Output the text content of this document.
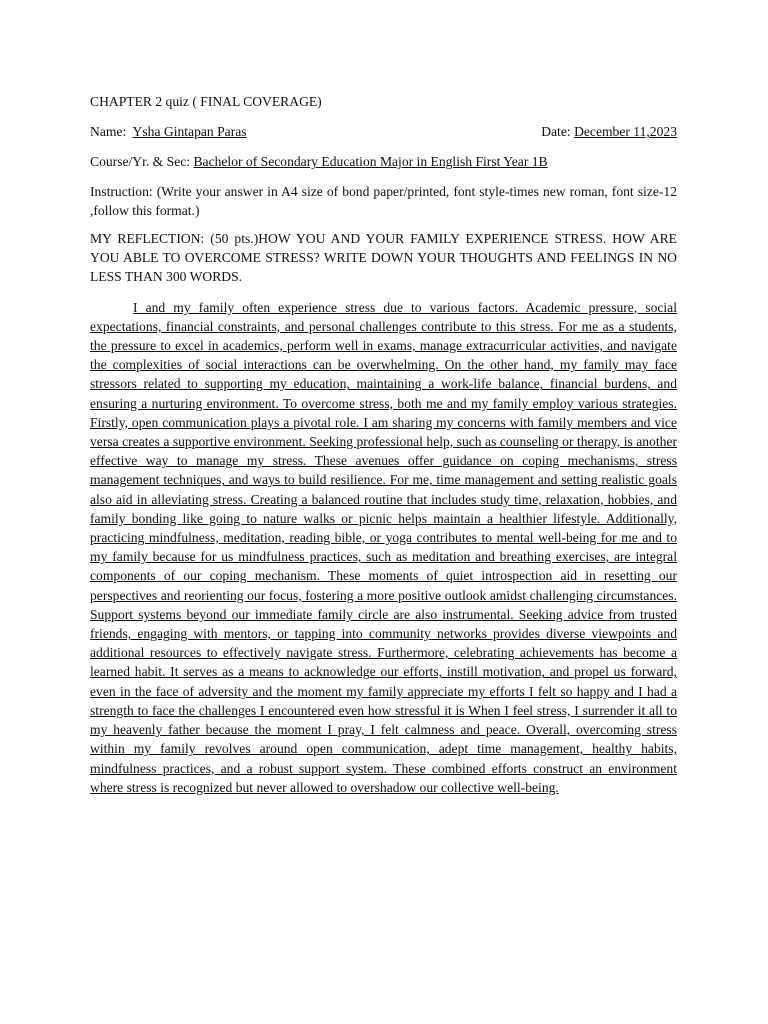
CHAPTER 2 quiz ( FINAL COVERAGE)
Name: Ysha Gintapan Paras	Date: December 11,2023
Course/Yr. & Sec: Bachelor of Secondary Education Major in English First Year 1B
Instruction: (Write your answer in A4 size of bond paper/printed, font style-times new roman, font size-12 ,follow this format.)
MY REFLECTION: (50 pts.)HOW YOU AND YOUR FAMILY EXPERIENCE STRESS. HOW ARE YOU ABLE TO OVERCOME STRESS? WRITE DOWN YOUR THOUGHTS AND FEELINGS IN NO LESS THAN 300 WORDS.

I and my family often experience stress due to various factors. Academic pressure, social expectations, financial constraints, and personal challenges contribute to this stress. For me as a students, the pressure to excel in academics, perform well in exams, manage extracurricular activities, and navigate the complexities of social interactions can be overwhelming. On the other hand, my family may face stressors related to supporting my education, maintaining a work-life balance, financial burdens, and ensuring a nurturing environment. To overcome stress, both me and my family employ various strategies. Firstly, open communication plays a pivotal role. I am sharing my concerns with family members and vice versa creates a supportive environment. Seeking professional help, such as counseling or therapy, is another effective way to manage my stress. These avenues offer guidance on coping mechanisms, stress management techniques, and ways to build resilience. For me, time management and setting realistic goals also aid in alleviating stress. Creating a balanced routine that includes study time, relaxation, hobbies, and family bonding like going to nature walks or picnic helps maintain a healthier lifestyle. Additionally, practicing mindfulness, meditation, reading bible, or yoga contributes to mental well-being for me and to my family because for us mindfulness practices, such as meditation and breathing exercises, are integral components of our coping mechanism. These moments of quiet introspection aid in resetting our perspectives and reorienting our focus, fostering a more positive outlook amidst challenging circumstances. Support systems beyond our immediate family circle are also instrumental. Seeking advice from trusted friends, engaging with mentors, or tapping into community networks provides diverse viewpoints and additional resources to effectively navigate stress. Furthermore, celebrating achievements has become a learned habit. It serves as a means to acknowledge our efforts, instill motivation, and propel us forward, even in the face of adversity and the moment my family appreciate my efforts I felt so happy and I had a strength to face the challenges I encountered even how stressful it is When I feel stress, I surrender it all to my heavenly father because the moment I pray, I felt calmness and peace. Overall, overcoming stress within my family revolves around open communication, adept time management, healthy habits, mindfulness practices, and a robust support system. These combined efforts construct an environment where stress is recognized but never allowed to overshadow our collective well-being.
